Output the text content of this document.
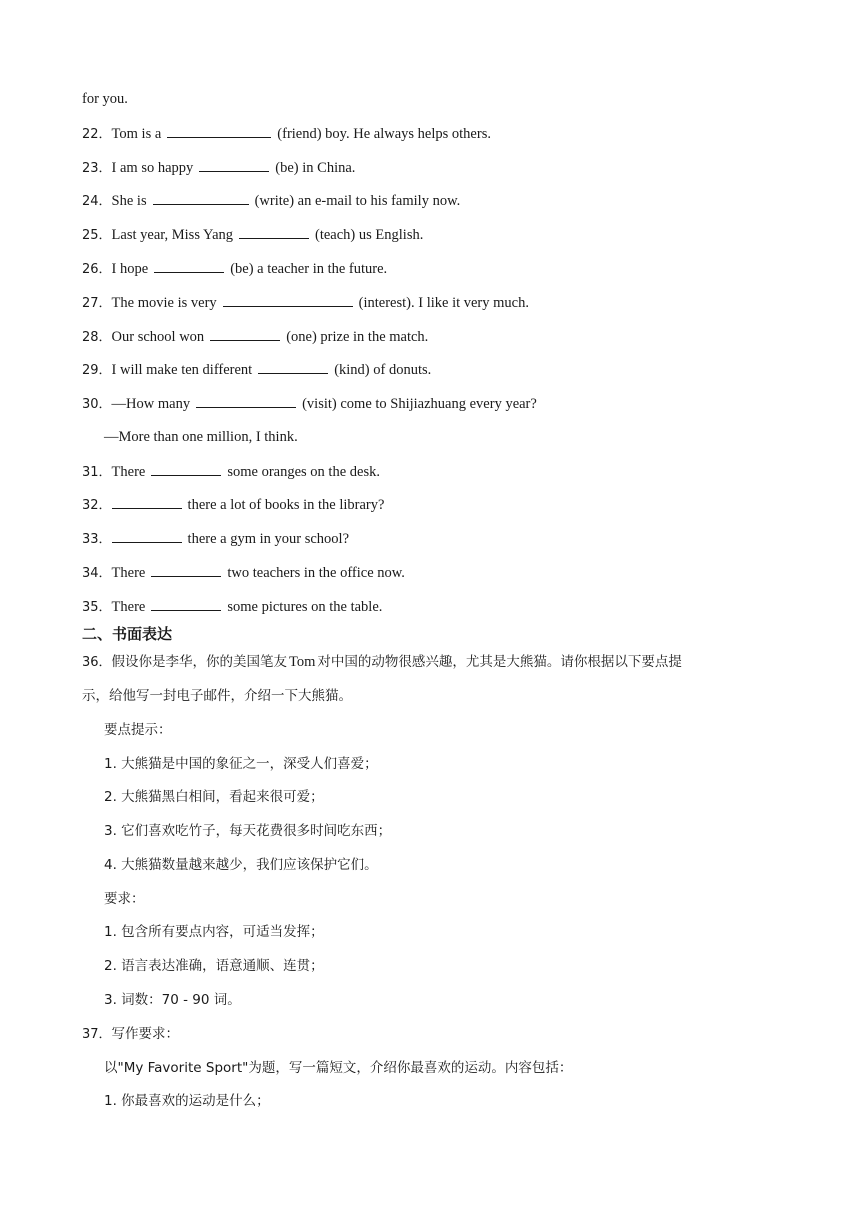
for you.
22．Tom is a	(friend) boy. He always helps others.
23．I am so happy	(be) in China.
24．She is	(write) an e-mail to his family now.
25．Last year, Miss Yang	(teach) us English.
26．I hope	(be) a teacher in the future.
27．The movie is very	(interest). I like it very much.
28．Our school won	(one) prize in the match.
29．I will make ten different	(kind) of donuts.
30．—How many	(visit) come to Shijiazhuang every year?
—More than one million, I think.
31．There	some oranges on the desk.
32．	there a lot of books in the library?
33．	there a gym in your school?
34．There	two teachers in the office now.
35．There	some pictures on the table.
二、书面表达
36．假设你是李华，你的美国笔友 Tom 对中国的动物很感兴趣，尤其是大熊猫。请你根据以下要点提
示，给他写一封电子邮件，介绍一下大熊猫。
要点提示：
1. 大熊猫是中国的象征之一，深受人们喜爱；
2. 大熊猫黑白相间，看起来很可爱；
3. 它们喜欢吃竹子，每天花费很多时间吃东西；
4. 大熊猫数量越来越少，我们应该保护它们。
要求：
1. 包含所有要点内容，可适当发挥；
2. 语言表达准确，语意通顺、连贯；
3. 词数：70 - 90 词。
37．写作要求：
以"My Favorite Sport"为题，写一篇短文，介绍你最喜欢的运动。内容包括：
1. 你最喜欢的运动是什么；
